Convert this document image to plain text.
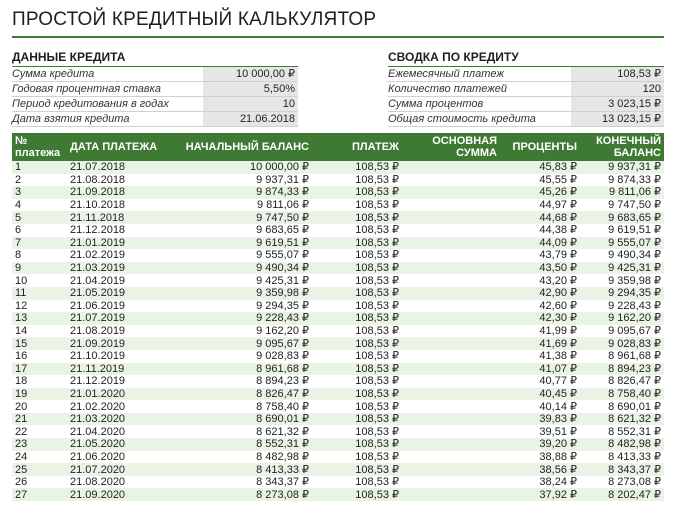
ПРОСТОЙ КРЕДИТНЫЙ КАЛЬКУЛЯТОР
ДАННЫЕ КРЕДИТА
Сумма кредита	10 000,00 ₽
Годовая процентная ставка	5,50%
Период кредитования в годах	10
Дата взятия кредита	21.06.2018
СВОДКА ПО КРЕДИТУ
Ежемесячный платеж	108,53 ₽
Количество платежей	120
Сумма процентов	3 023,15 ₽
Общая стоимость кредита	13 023,15 ₽
№ платежа	ДАТА ПЛАТЕЖА	НАЧАЛЬНЫЙ БАЛАНС	ПЛАТЕЖ	ОСНОВНАЯ СУММА	ПРОЦЕНТЫ	КОНЕЧНЫЙ БАЛАНС
1	21.07.2018	10 000,00 ₽	108,53 ₽		45,83 ₽	9 937,31 ₽
2	21.08.2018	9 937,31 ₽	108,53 ₽		45,55 ₽	9 874,33 ₽
3	21.09.2018	9 874,33 ₽	108,53 ₽		45,26 ₽	9 811,06 ₽
4	21.10.2018	9 811,06 ₽	108,53 ₽		44,97 ₽	9 747,50 ₽
5	21.11.2018	9 747,50 ₽	108,53 ₽		44,68 ₽	9 683,65 ₽
6	21.12.2018	9 683,65 ₽	108,53 ₽		44,38 ₽	9 619,51 ₽
7	21.01.2019	9 619,51 ₽	108,53 ₽		44,09 ₽	9 555,07 ₽
8	21.02.2019	9 555,07 ₽	108,53 ₽		43,79 ₽	9 490,34 ₽
9	21.03.2019	9 490,34 ₽	108,53 ₽		43,50 ₽	9 425,31 ₽
10	21.04.2019	9 425,31 ₽	108,53 ₽		43,20 ₽	9 359,98 ₽
11	21.05.2019	9 359,98 ₽	108,53 ₽		42,90 ₽	9 294,35 ₽
12	21.06.2019	9 294,35 ₽	108,53 ₽		42,60 ₽	9 228,43 ₽
13	21.07.2019	9 228,43 ₽	108,53 ₽		42,30 ₽	9 162,20 ₽
14	21.08.2019	9 162,20 ₽	108,53 ₽		41,99 ₽	9 095,67 ₽
15	21.09.2019	9 095,67 ₽	108,53 ₽		41,69 ₽	9 028,83 ₽
16	21.10.2019	9 028,83 ₽	108,53 ₽		41,38 ₽	8 961,68 ₽
17	21.11.2019	8 961,68 ₽	108,53 ₽		41,07 ₽	8 894,23 ₽
18	21.12.2019	8 894,23 ₽	108,53 ₽		40,77 ₽	8 826,47 ₽
19	21.01.2020	8 826,47 ₽	108,53 ₽		40,45 ₽	8 758,40 ₽
20	21.02.2020	8 758,40 ₽	108,53 ₽		40,14 ₽	8 690,01 ₽
21	21.03.2020	8 690,01 ₽	108,53 ₽		39,83 ₽	8 621,32 ₽
22	21.04.2020	8 621,32 ₽	108,53 ₽		39,51 ₽	8 552,31 ₽
23	21.05.2020	8 552,31 ₽	108,53 ₽		39,20 ₽	8 482,98 ₽
24	21.06.2020	8 482,98 ₽	108,53 ₽		38,88 ₽	8 413,33 ₽
25	21.07.2020	8 413,33 ₽	108,53 ₽		38,56 ₽	8 343,37 ₽
26	21.08.2020	8 343,37 ₽	108,53 ₽		38,24 ₽	8 273,08 ₽
27	21.09.2020	8 273,08 ₽	108,53 ₽		37,92 ₽	8 202,47 ₽
